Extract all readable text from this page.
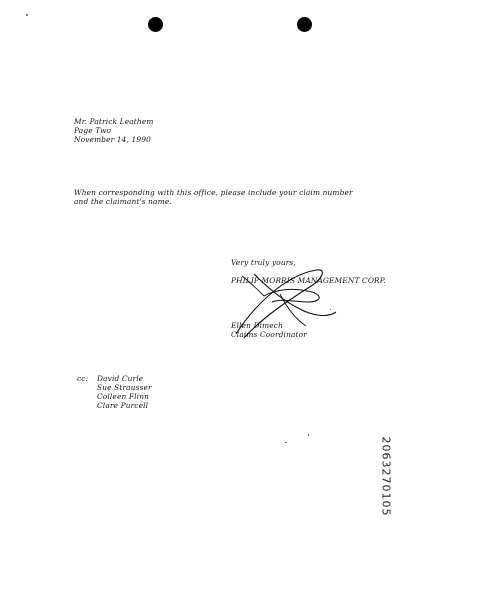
Mr. Patrick Leathem
Page Two
November 14, 1990
When corresponding with this office, please include your claim number
and the claimant's name.
Very truly yours,
PHILIP MORRIS MANAGEMENT CORP.
Ellen Dimech
Claims Coordinator
cc: David Curle
Sue Strausser
Colleen Flinn
Clare Purcell
2063270105
